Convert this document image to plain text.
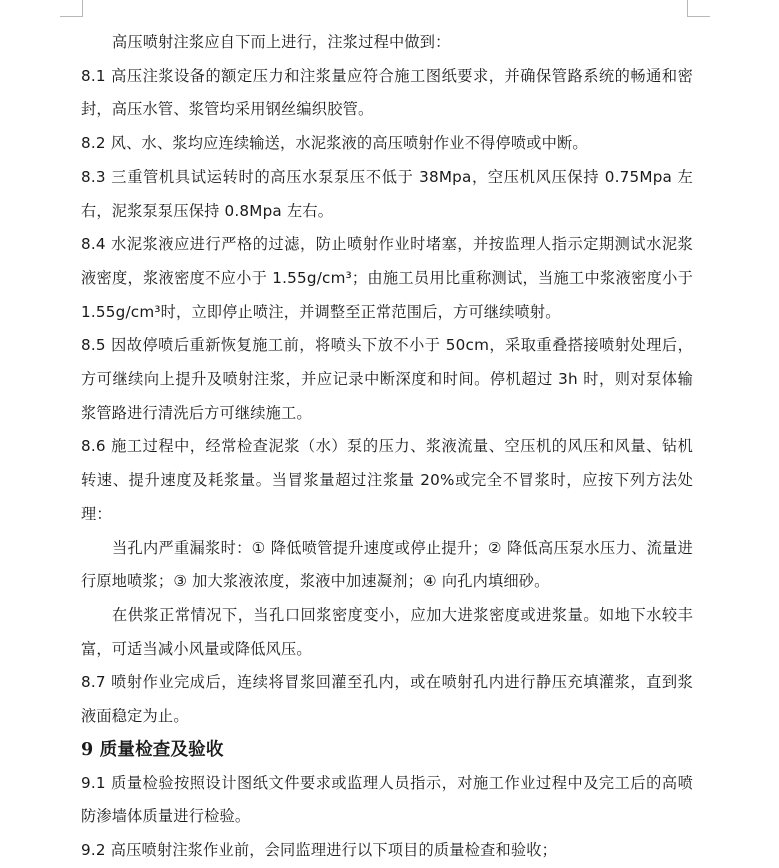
高压喷射注浆应自下而上进行，注浆过程中做到：

8.1 高压注浆设备的额定压力和注浆量应符合施工图纸要求，并确保管路系统的畅通和密封，高压水管、浆管均采用钢丝编织胶管。

8.2 风、水、浆均应连续输送，水泥浆液的高压喷射作业不得停喷或中断。

8.3 三重管机具试运转时的高压水泵泵压不低于 38Mpa，空压机风压保持 0.75Mpa 左右，泥浆泵泵压保持 0.8Mpa 左右。

8.4 水泥浆液应进行严格的过滤，防止喷射作业时堵塞，并按监理人指示定期测试水泥浆液密度，浆液密度不应小于 1.55g/cm³；由施工员用比重称测试，当施工中浆液密度小于 1.55g/cm³时，立即停止喷注，并调整至正常范围后，方可继续喷射。

8.5 因故停喷后重新恢复施工前，将喷头下放不小于 50cm，采取重叠搭接喷射处理后，方可继续向上提升及喷射注浆，并应记录中断深度和时间。停机超过 3h 时，则对泵体输浆管路进行清洗后方可继续施工。

8.6 施工过程中，经常检查泥浆（水）泵的压力、浆液流量、空压机的风压和风量、钻机转速、提升速度及耗浆量。当冒浆量超过注浆量 20%或完全不冒浆时，应按下列方法处理：

当孔内严重漏浆时：① 降低喷管提升速度或停止提升；② 降低高压泵水压力、流量进行原地喷浆；③ 加大浆液浓度，浆液中加速凝剂；④ 向孔内填细砂。

在供浆正常情况下，当孔口回浆密度变小，应加大进浆密度或进浆量。如地下水较丰富，可适当减小风量或降低风压。

8.7 喷射作业完成后，连续将冒浆回灌至孔内，或在喷射孔内进行静压充填灌浆，直到浆液面稳定为止。

9 质量检查及验收

9.1 质量检验按照设计图纸文件要求或监理人员指示，对施工作业过程中及完工后的高喷防渗墙体质量进行检验。

9.2 高压喷射注浆作业前，会同监理进行以下项目的质量检查和验收；
